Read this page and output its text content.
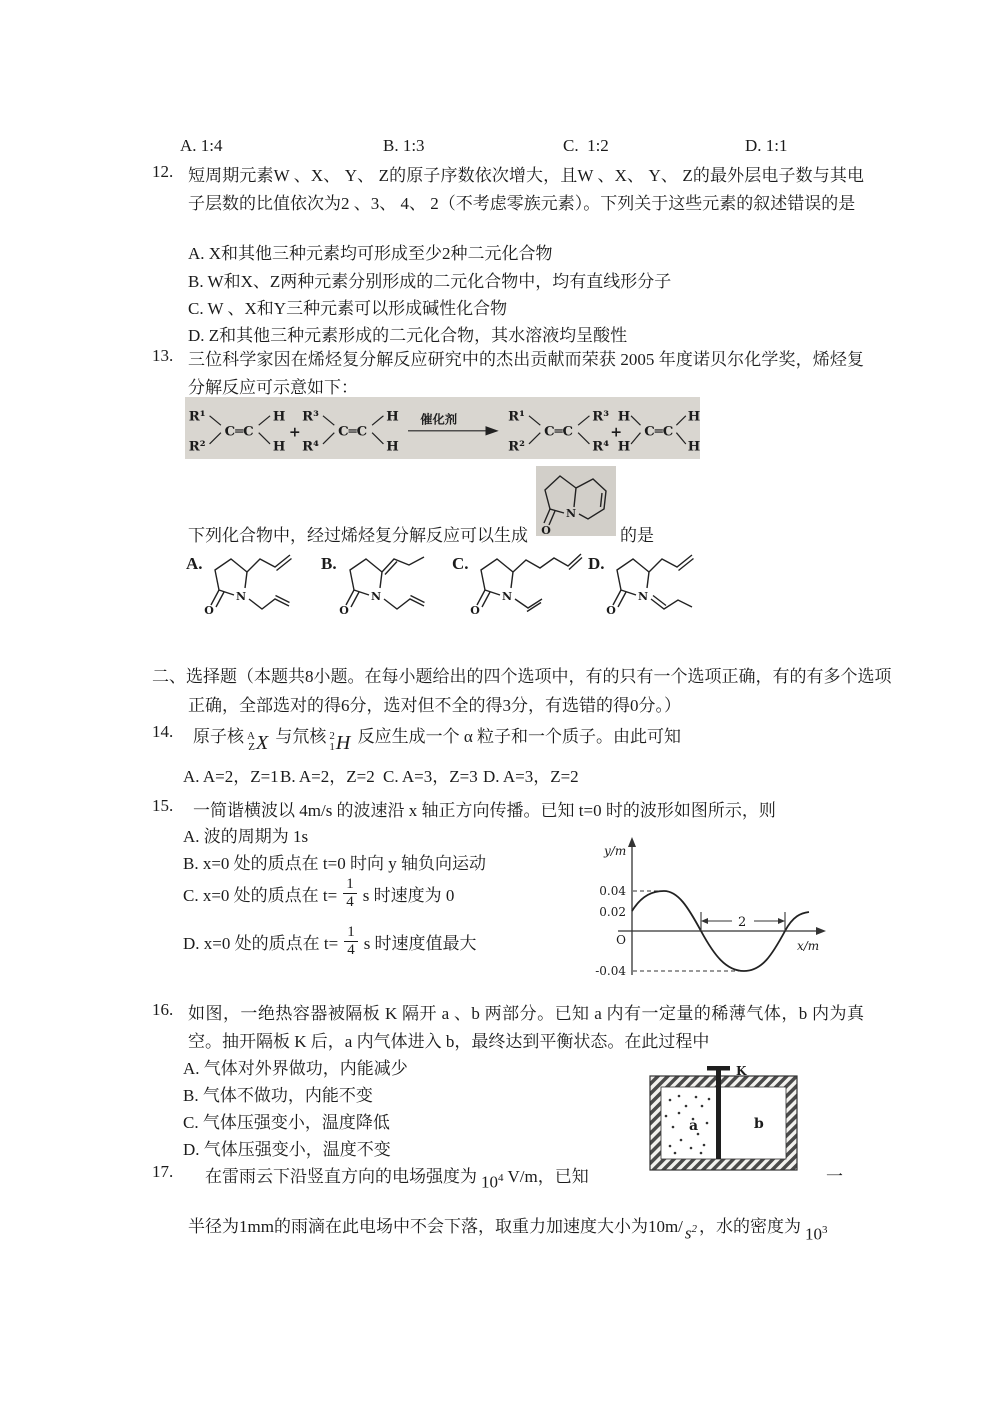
A. 1:4	B. 1:3	C.  1:2	D. 1:1
12. 短周期元素W 、X、 Y、 Z的原子序数依次增大，且W 、X、 Y、 Z的最外层电子数与其电子层数的比值依次为2 、3、 4、 2（不考虑零族元素）。下列关于这些元素的叙述错误的是
A. X和其他三种元素均可形成至少2种二元化合物
B. W和X、Z两种元素分别形成的二元化合物中，均有直线形分子
C. W 、X和Y三种元素可以形成碱性化合物
D. Z和其他三种元素形成的二元化合物，其水溶液均呈酸性
13. 三位科学家因在烯烃复分解反应研究中的杰出贡献而荣获 2005 年度诺贝尔化学奖，烯烃复分解反应可示意如下：
R¹
R²
C═C
H
H
+
R³
R⁴
C═C
H
H
催化剂	R¹
R²
C═C
R³
R⁴
+
H
H
C═C
H
H
N
O
下列化合物中，经过烯烃复分解反应可以生成	的是
A.
N
O
B.
N
O
C.
N
O
D.
N
O
二、选择题（本题共8小题。在每小题给出的四个选项中，有的只有一个选项正确，有的有多个选项正确，全部选对的得6分，选对但不全的得3分，有选错的得0分。）
14. 原子核 A
Z X 与氘核 2
1 H 反应生成一个 α 粒子和一个质子。由此可知
A. A=2，Z=1 B. A=2，Z=2 C. A=3，Z=3 D. A=3，Z=2
15. 一简谐横波以 4m/s 的波速沿 x 轴正方向传播。已知 t=0 时的波形如图所示，则
A. 波的周期为 1s
B. x=0 处的质点在 t=0 时向 y 轴负向运动
C. x=0 处的质点在 $t= \frac{1}{4}$ s 时速度为 0
D. x=0 处的质点在 $t= \frac{1}{4}$ s 时速度值最大
y/m
x/m
0.04
0.02
O
-0.04
2
16. 如图，一绝热容器被隔板 K 隔开 a 、b 两部分。已知 a 内有一定量的稀薄气体，b 内为真空。抽开隔板 K 后，a 内气体进入 b，最终达到平衡状态。在此过程中
A. 气体对外界做功，内能减少
B. 气体不做功，内能不变
C. 气体压强变小，温度降低
D. 气体压强变小，温度不变
K
a	b
17. 在雷雨云下沿竖直方向的电场强度为 $10^4$ V/m，已知	一
半径为1mm的雨滴在此电场中不会下落，取重力加速度大小为10m/ $s^2$ ，水的密度为 $10^3$
